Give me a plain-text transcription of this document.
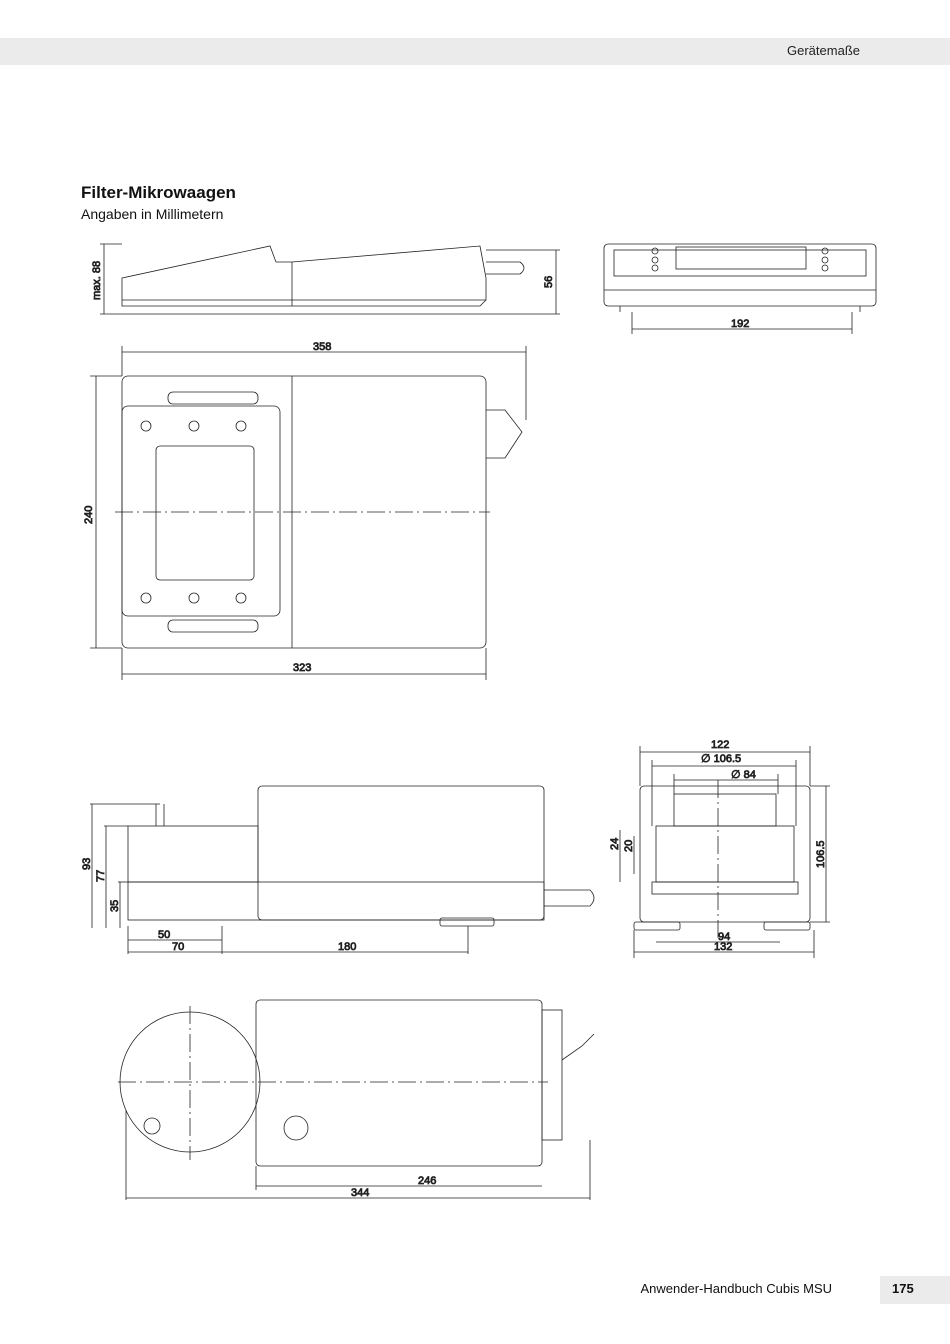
Gerätemaße
Filter-Mikrowaagen
Angaben in Millimetern
max. 88	56
192
358
240
323
93
77
35
50
70	180
122
∅ 106.5
∅ 84
24 20	106.5
94
132
246
344
Anwender-Handbuch Cubis MSU	175
